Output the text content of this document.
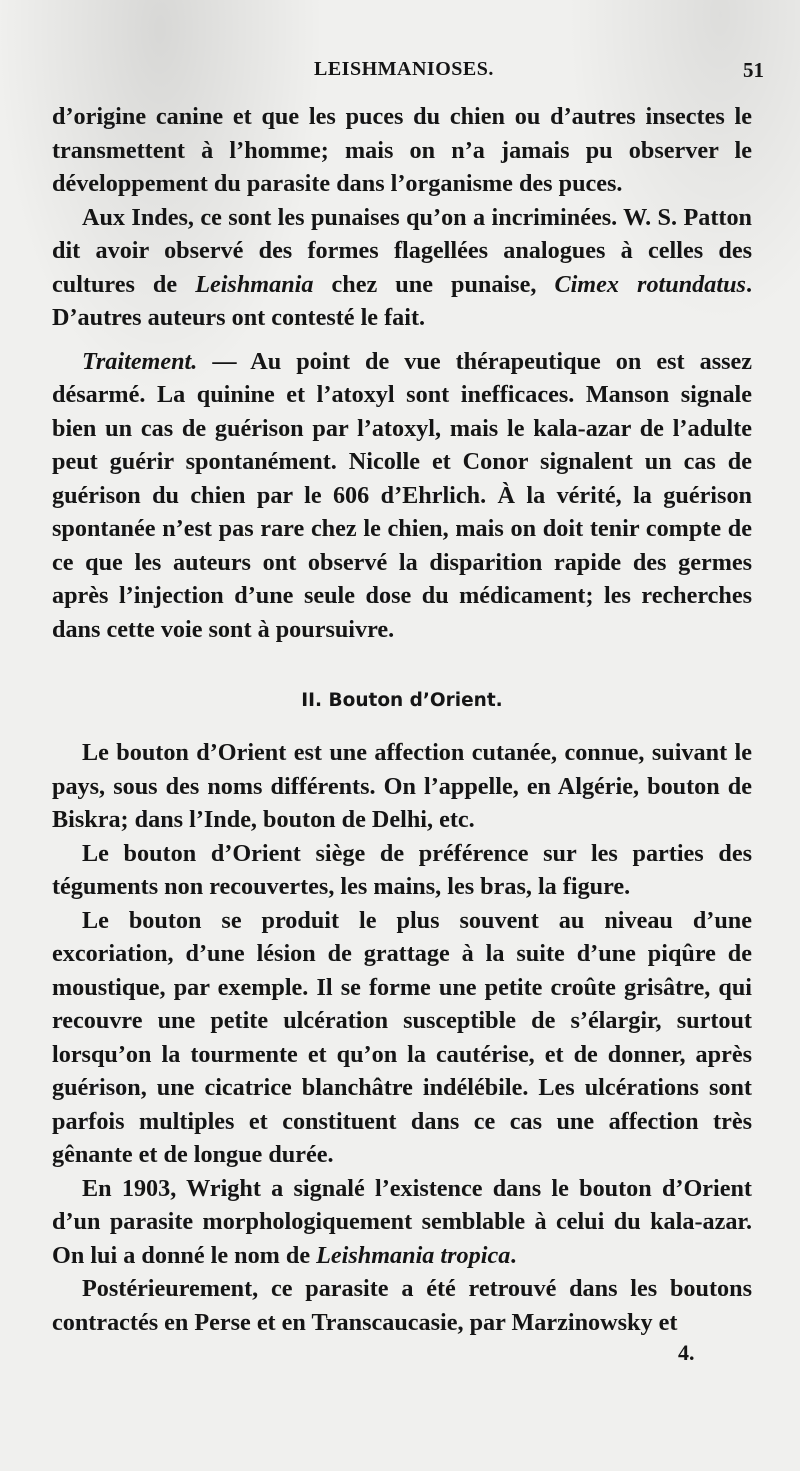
LEISHMANIOSES.	51

d’origine canine et que les puces du chien ou d’autres insectes le transmettent à l’homme; mais on n’a jamais pu observer le développement du parasite dans l’organisme des puces.

Aux Indes, ce sont les punaises qu’on a incriminées. W. S. Patton dit avoir observé des formes flagellées analogues à celles des cultures de Leishmania chez une punaise, Cimex rotundatus. D’autres auteurs ont contesté le fait.

Traitement. — Au point de vue thérapeutique on est assez désarmé. La quinine et l’atoxyl sont inefficaces. Manson signale bien un cas de guérison par l’atoxyl, mais le kala-azar de l’adulte peut guérir spontanément. Nicolle et Conor signalent un cas de guérison du chien par le 606 d’Ehrlich. À la vérité, la guérison spontanée n’est pas rare chez le chien, mais on doit tenir compte de ce que les auteurs ont observé la disparition rapide des germes après l’injection d’une seule dose du médicament; les recherches dans cette voie sont à poursuivre.

II. Bouton d’Orient.

Le bouton d’Orient est une affection cutanée, connue, suivant le pays, sous des noms différents. On l’appelle, en Algérie, bouton de Biskra; dans l’Inde, bouton de Delhi, etc.

Le bouton d’Orient siège de préférence sur les parties des téguments non recouvertes, les mains, les bras, la figure.

Le bouton se produit le plus souvent au niveau d’une excoriation, d’une lésion de grattage à la suite d’une piqûre de moustique, par exemple. Il se forme une petite croûte grisâtre, qui recouvre une petite ulcération susceptible de s’élargir, surtout lorsqu’on la tourmente et qu’on la cautérise, et de donner, après guérison, une cicatrice blanchâtre indélébile. Les ulcérations sont parfois multiples et constituent dans ce cas une affection très gênante et de longue durée.

En 1903, Wright a signalé l’existence dans le bouton d’Orient d’un parasite morphologiquement semblable à celui du kala-azar. On lui a donné le nom de Leishmania tropica.

Postérieurement, ce parasite a été retrouvé dans les boutons contractés en Perse et en Transcaucasie, par Marzinowsky et

4.
